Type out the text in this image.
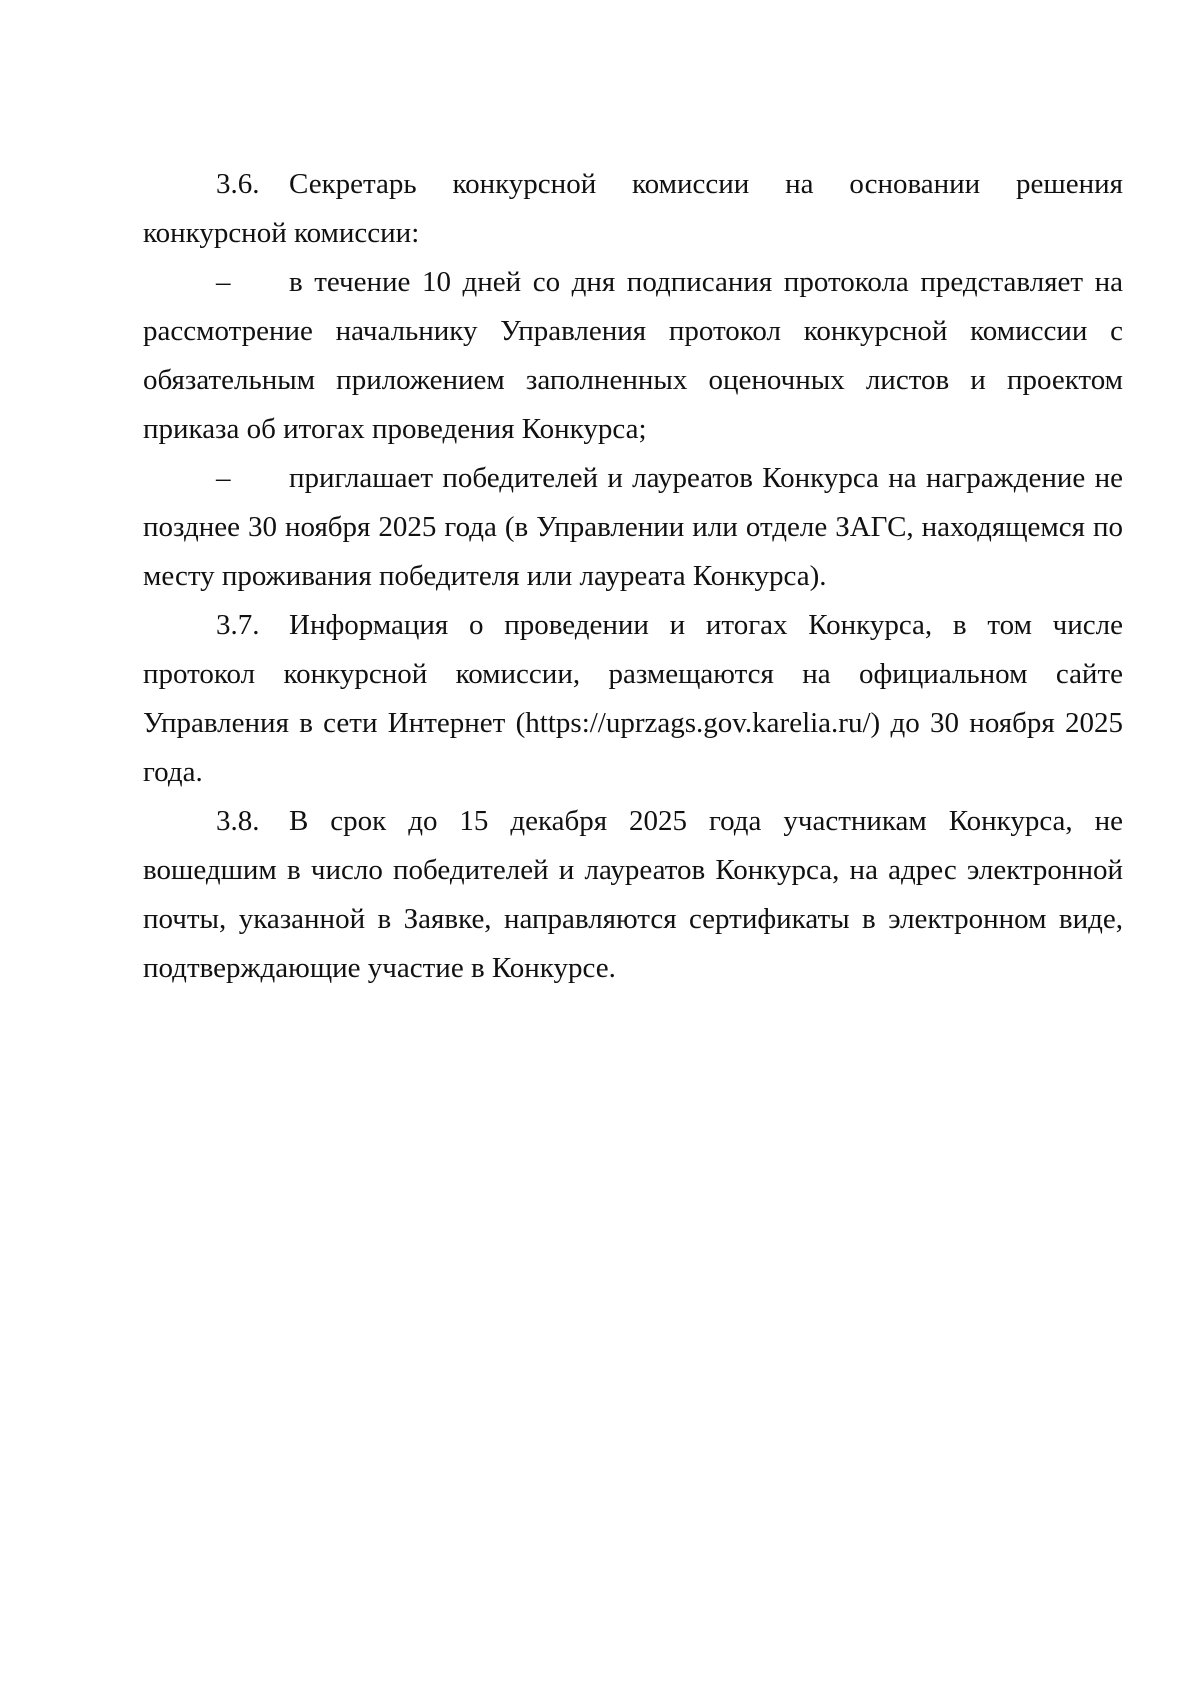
3.6. Секретарь конкурсной комиссии на основании решения конкурсной комиссии:

– в течение 10 дней со дня подписания протокола представляет на рассмотрение начальнику Управления протокол конкурсной комиссии с обязательным приложением заполненных оценочных листов и проектом приказа об итогах проведения Конкурса;

– приглашает победителей и лауреатов Конкурса на награждение не позднее 30 ноября 2025 года (в Управлении или отделе ЗАГС, находящемся по месту проживания победителя или лауреата Конкурса).

3.7. Информация о проведении и итогах Конкурса, в том числе протокол конкурсной комиссии, размещаются на официальном сайте Управления в сети Интернет (https://uprzags.gov.karelia.ru/) до 30 ноября 2025 года.

3.8. В срок до 15 декабря 2025 года участникам Конкурса, не вошедшим в число победителей и лауреатов Конкурса, на адрес электронной почты, указанной в Заявке, направляются сертификаты в электронном виде, подтверждающие участие в Конкурсе.
